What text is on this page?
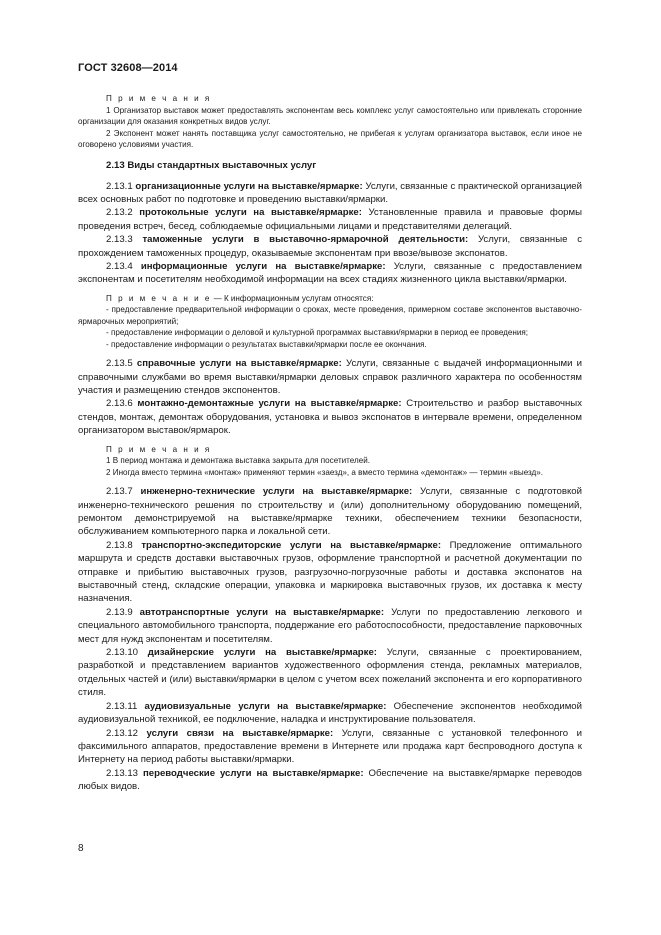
ГОСТ 32608—2014

П р и м е ч а н и я

1 Организатор выставок может предоставлять экспонентам весь комплекс услуг самостоятельно или привлекать сторонние организации для оказания конкретных видов услуг.

2 Экспонент может нанять поставщика услуг самостоятельно, не прибегая к услугам организатора выставок, если иное не оговорено условиями участия.

2.13 Виды стандартных выставочных услуг

2.13.1 организационные услуги на выставке/ярмарке: Услуги, связанные с практической организацией всех основных работ по подготовке и проведению выставки/ярмарки.

2.13.2 протокольные услуги на выставке/ярмарке: Установленные правила и правовые формы проведения встреч, бесед, соблюдаемые официальными лицами и представителями делегаций.

2.13.3 таможенные услуги в выставочно-ярмарочной деятельности: Услуги, связанные с прохождением таможенных процедур, оказываемые экспонентам при ввозе/вывозе экспонатов.

2.13.4 информационные услуги на выставке/ярмарке: Услуги, связанные с предоставлением экспонентам и посетителям необходимой информации на всех стадиях жизненного цикла выставки/ярмарки.

П р и м е ч а н и е — К информационным услугам относятся:

- предоставление предварительной информации о сроках, месте проведения, примерном составе экспонентов выставочно-ярмарочных мероприятий;

- предоставление информации о деловой и культурной программах выставки/ярмарки в период ее проведения;

- предоставление информации о результатах выставки/ярмарки после ее окончания.

2.13.5 справочные услуги на выставке/ярмарке: Услуги, связанные с выдачей информационными и справочными службами во время выставки/ярмарки деловых справок различного характера по особенностям участия и размещению стендов экспонентов.

2.13.6 монтажно-демонтажные услуги на выставке/ярмарке: Строительство и разбор выставочных стендов, монтаж, демонтаж оборудования, установка и вывоз экспонатов в интервале времени, определенном организатором выставок/ярмарок.

П р и м е ч а н и я

1 В период монтажа и демонтажа выставка закрыта для посетителей.

2 Иногда вместо термина «монтаж» применяют термин «заезд», а вместо термина «демонтаж» — термин «выезд».

2.13.7 инженерно-технические услуги на выставке/ярмарке: Услуги, связанные с подготовкой инженерно-технического решения по строительству и (или) дополнительному оборудованию помещений, ремонтом демонстрируемой на выставке/ярмарке техники, обеспечением техники безопасности, обслуживанием компьютерного парка и локальной сети.

2.13.8 транспортно-экспедиторские услуги на выставке/ярмарке: Предложение оптимального маршрута и средств доставки выставочных грузов, оформление транспортной и расчетной документации по отправке и прибытию выставочных грузов, разгрузочно-погрузочные работы и доставка экспонатов на выставочный стенд, складские операции, упаковка и маркировка выставочных грузов, их доставка к месту назначения.

2.13.9 автотранспортные услуги на выставке/ярмарке: Услуги по предоставлению легкового и специального автомобильного транспорта, поддержание его работоспособности, предоставление парковочных мест для нужд экспонентам и посетителям.

2.13.10 дизайнерские услуги на выставке/ярмарке: Услуги, связанные с проектированием, разработкой и представлением вариантов художественного оформления стенда, рекламных материалов, отдельных частей и (или) выставки/ярмарки в целом с учетом всех пожеланий экспонента и его корпоративного стиля.

2.13.11 аудиовизуальные услуги на выставке/ярмарке: Обеспечение экспонентов необходимой аудиовизуальной техникой, ее подключение, наладка и инструктирование пользователя.

2.13.12 услуги связи на выставке/ярмарке: Услуги, связанные с установкой телефонного и факсимильного аппаратов, предоставление времени в Интернете или продажа карт беспроводного доступа к Интернету на период работы выставки/ярмарки.

2.13.13 переводческие услуги на выставке/ярмарке: Обеспечение на выставке/ярмарке переводов любых видов.

8
